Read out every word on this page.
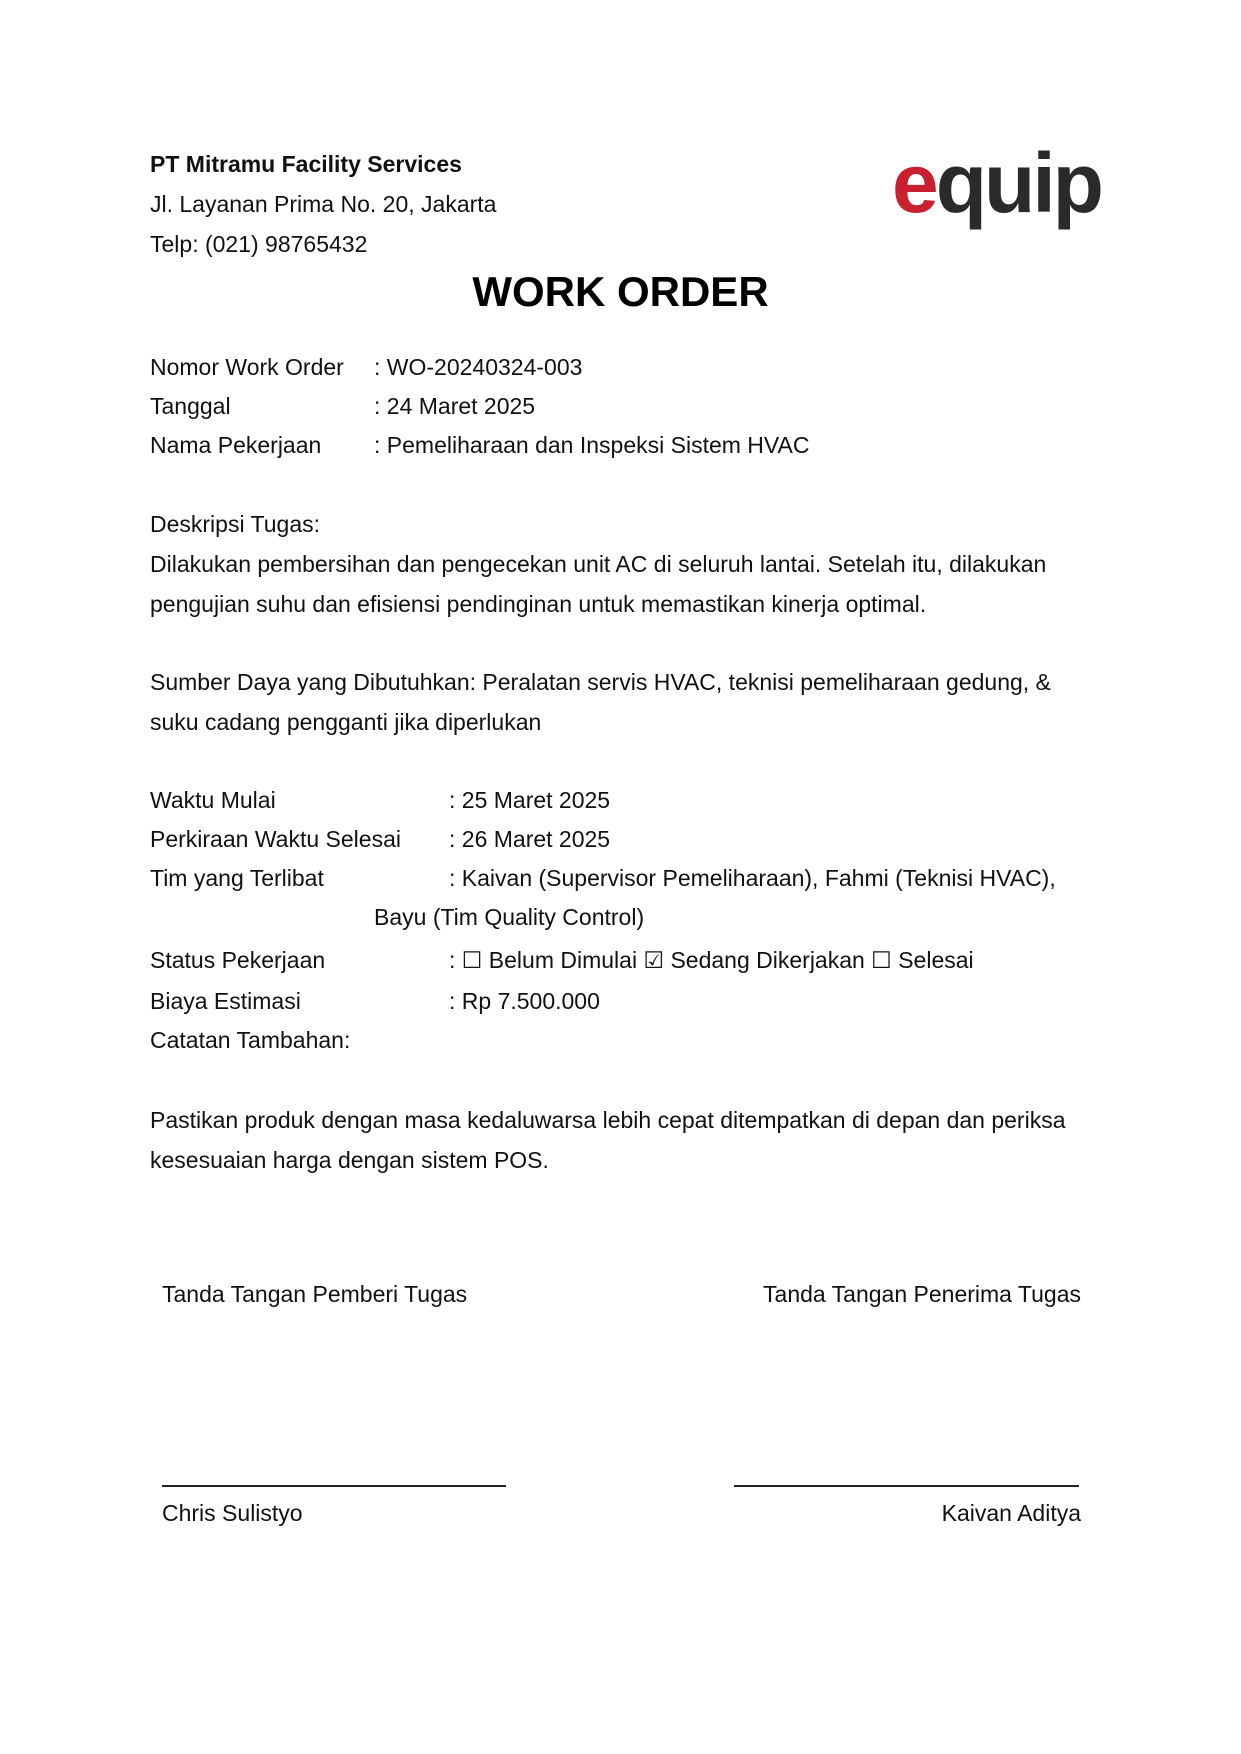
PT Mitramu Facility Services
Jl. Layanan Prima No. 20, Jakarta
Telp: (021) 98765432
equip
WORK ORDER
Nomor Work Order : WO-20240324-003
Tanggal	: 24 Maret 2025
Nama Pekerjaan : Pemeliharaan dan Inspeksi Sistem HVAC
Deskripsi Tugas:
Dilakukan pembersihan dan pengecekan unit AC di seluruh lantai. Setelah itu, dilakukan pengujian suhu dan efisiensi pendinginan untuk memastikan kinerja optimal.
Sumber Daya yang Dibutuhkan: Peralatan servis HVAC, teknisi pemeliharaan gedung, & suku cadang pengganti jika diperlukan
Waktu Mulai	: 25 Maret 2025
Perkiraan Waktu Selesai : 26 Maret 2025
Tim yang Terlibat	: Kaivan (Supervisor Pemeliharaan), Fahmi (Teknisi HVAC),
Bayu (Tim Quality Control)
Status Pekerjaan	: ☐ Belum Dimulai ☑ Sedang Dikerjakan ☐ Selesai
Biaya Estimasi	: Rp 7.500.000
Catatan Tambahan:
Pastikan produk dengan masa kedaluwarsa lebih cepat ditempatkan di depan dan periksa kesesuaian harga dengan sistem POS.
Tanda Tangan Pemberi Tugas	Tanda Tangan Penerima Tugas
Chris Sulistyo	Kaivan Aditya
